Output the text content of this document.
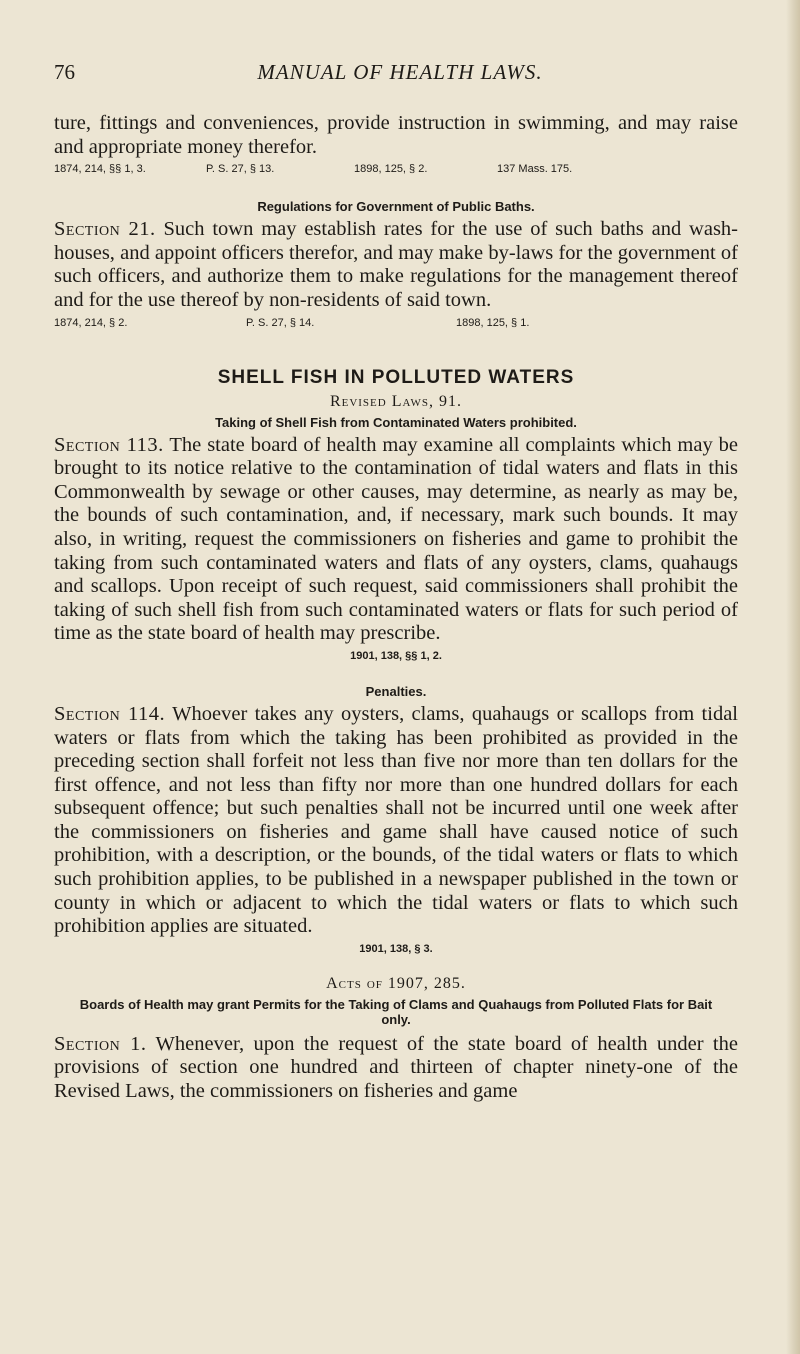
76	MANUAL OF HEALTH LAWS.

ture, fittings and conveniences, provide instruction in swimming, and may raise and appropriate money therefor.

1874, 214, §§ 1, 3.	P. S. 27, § 13.	1898, 125, § 2.	137 Mass. 175.

Regulations for Government of Public Baths.

Section 21. Such town may establish rates for the use of such baths and wash-houses, and appoint officers therefor, and may make by-laws for the government of such officers, and authorize them to make regulations for the management thereof and for the use thereof by non-residents of said town.

1874, 214, § 2.	P. S. 27, § 14.	1898, 125, § 1.

SHELL FISH IN POLLUTED WATERS

Revised Laws, 91.

Taking of Shell Fish from Contaminated Waters prohibited.

Section 113. The state board of health may examine all complaints which may be brought to its notice relative to the contamination of tidal waters and flats in this Commonwealth by sewage or other causes, may determine, as nearly as may be, the bounds of such contamination, and, if necessary, mark such bounds. It may also, in writing, request the commissioners on fisheries and game to prohibit the taking from such contaminated waters and flats of any oysters, clams, quahaugs and scallops. Upon receipt of such request, said commissioners shall prohibit the taking of such shell fish from such contaminated waters or flats for such period of time as the state board of health may prescribe.

1901, 138, §§ 1, 2.

Penalties.

Section 114. Whoever takes any oysters, clams, quahaugs or scallops from tidal waters or flats from which the taking has been prohibited as provided in the preceding section shall forfeit not less than five nor more than ten dollars for the first offence, and not less than fifty nor more than one hundred dollars for each subsequent offence; but such penalties shall not be incurred until one week after the commissioners on fisheries and game shall have caused notice of such prohibition, with a description, or the bounds, of the tidal waters or flats to which such prohibition applies, to be published in a newspaper published in the town or county in which or adjacent to which the tidal waters or flats to which such prohibition applies are situated.

1901, 138, § 3.

Acts of 1907, 285.

Boards of Health may grant Permits for the Taking of Clams and Quahaugs from Polluted Flats for Bait only.

Section 1. Whenever, upon the request of the state board of health under the provisions of section one hundred and thirteen of chapter ninety-one of the Revised Laws, the commissioners on fisheries and game
